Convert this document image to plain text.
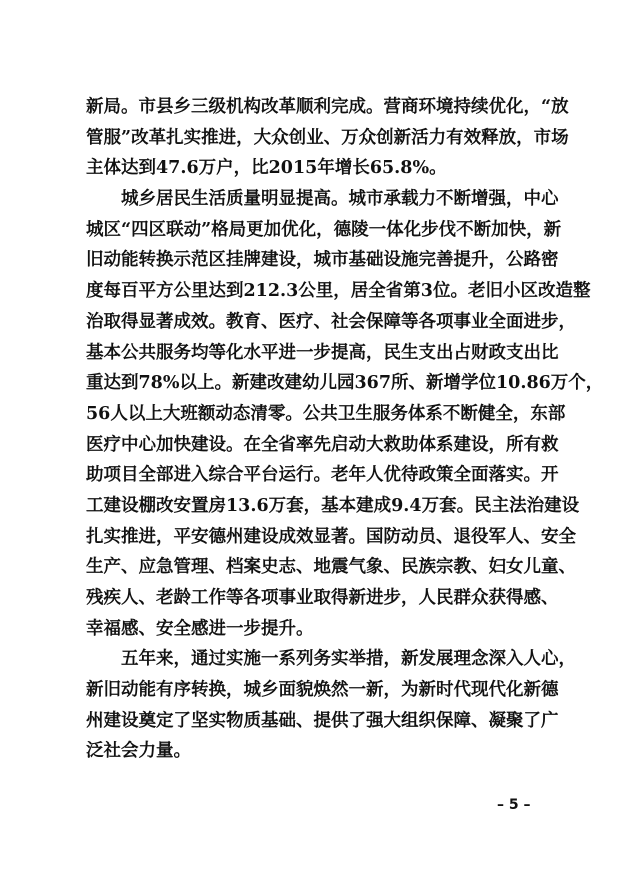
新局。市县乡三级机构改革顺利完成。营商环境持续优化，“放
管服”改革扎实推进，大众创业、万众创新活力有效释放，市场
主体达到47.6万户，比2015年增长65.8%。
城乡居民生活质量明显提高。城市承载力不断增强，中心
城区“四区联动”格局更加优化，德陵一体化步伐不断加快，新
旧动能转换示范区挂牌建设，城市基础设施完善提升，公路密
度每百平方公里达到212.3公里，居全省第3位。老旧小区改造整
治取得显著成效。教育、医疗、社会保障等各项事业全面进步，
基本公共服务均等化水平进一步提高，民生支出占财政支出比
重达到78%以上。新建改建幼儿园367所、新增学位10.86万个，
56人以上大班额动态清零。公共卫生服务体系不断健全，东部
医疗中心加快建设。在全省率先启动大救助体系建设，所有救
助项目全部进入综合平台运行。老年人优待政策全面落实。开
工建设棚改安置房13.6万套，基本建成9.4万套。民主法治建设
扎实推进，平安德州建设成效显著。国防动员、退役军人、安全
生产、应急管理、档案史志、地震气象、民族宗教、妇女儿童、
残疾人、老龄工作等各项事业取得新进步，人民群众获得感、
幸福感、安全感进一步提升。
五年来，通过实施一系列务实举措，新发展理念深入人心，
新旧动能有序转换，城乡面貌焕然一新，为新时代现代化新德
州建设奠定了坚实物质基础、提供了强大组织保障、凝聚了广
泛社会力量。
– 5 –
